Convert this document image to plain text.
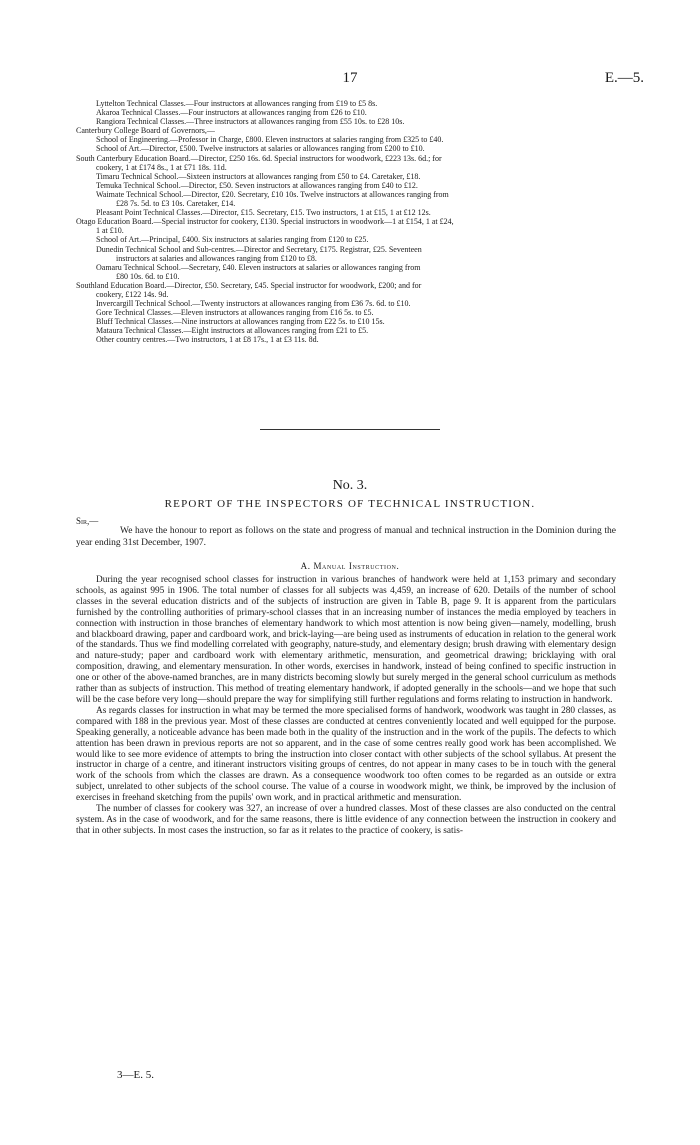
17	E.—5.
Lyttelton Technical Classes.—Four instructors at allowances ranging from £19 to £5 8s.
Akaroa Technical Classes.—Four instructors at allowances ranging from £26 to £10.
Rangiora Technical Classes.—Three instructors at allowances ranging from £55 10s. to £28 10s.
Canterbury College Board of Governors,—
School of Engineering.—Professor in Charge, £800. Eleven instructors at salaries ranging from £325 to £40.
School of Art.—Director, £500. Twelve instructors at salaries or allowances ranging from £200 to £10.
South Canterbury Education Board.—Director, £250 16s. 6d. Special instructors for woodwork, £223 13s. 6d.; for
cookery, 1 at £174 8s., 1 at £71 18s. 11d.
Timaru Technical School.—Sixteen instructors at allowances ranging from £50 to £4. Caretaker, £18.
Temuka Technical School.—Director, £50. Seven instructors at allowances ranging from £40 to £12.
Waimate Technical School.—Director, £20. Secretary, £10 10s. Twelve instructors at allowances ranging from
£28 7s. 5d. to £3 10s. Caretaker, £14.
Pleasant Point Technical Classes.—Director, £15. Secretary, £15. Two instructors, 1 at £15, 1 at £12 12s.
Otago Education Board.—Special instructor for cookery, £130. Special instructors in woodwork—1 at £154, 1 at £24,
1 at £10.
School of Art.—Principal, £400. Six instructors at salaries ranging from £120 to £25.
Dunedin Technical School and Sub-centres.—Director and Secretary, £175. Registrar, £25. Seventeen
instructors at salaries and allowances ranging from £120 to £8.
Oamaru Technical School.—Secretary, £40. Eleven instructors at salaries or allowances ranging from
£80 10s. 6d. to £10.
Southland Education Board.—Director, £50. Secretary, £45. Special instructor for woodwork, £200; and for
cookery, £122 14s. 9d.
Invercargill Technical School.—Twenty instructors at allowances ranging from £36 7s. 6d. to £10.
Gore Technical Classes.—Eleven instructors at allowances ranging from £16 5s. to £5.
Bluff Technical Classes.—Nine instructors at allowances ranging from £22 5s. to £10 15s.
Mataura Technical Classes.—Eight instructors at allowances ranging from £21 to £5.
Other country centres.—Two instructors, 1 at £8 17s., 1 at £3 11s. 8d.
No. 3.
REPORT OF THE INSPECTORS OF TECHNICAL INSTRUCTION.
Sir,—

We have the honour to report as follows on the state and progress of manual and technical instruction in the Dominion during the year ending 31st December, 1907.

A. Manual Instruction.

During the year recognised school classes for instruction in various branches of handwork were held at 1,153 primary and secondary schools, as against 995 in 1906. The total number of classes for all subjects was 4,459, an increase of 620. Details of the number of school classes in the several education districts and of the subjects of instruction are given in Table B, page 9. It is apparent from the particulars furnished by the controlling authorities of primary-school classes that in an increasing number of instances the media employed by teachers in connection with instruction in those branches of elementary handwork to which most attention is now being given—namely, modelling, brush and blackboard drawing, paper and cardboard work, and brick-laying—are being used as instruments of education in relation to the general work of the standards. Thus we find modelling correlated with geography, nature-study, and elementary design; brush drawing with elementary design and nature-study; paper and cardboard work with elementary arithmetic, mensuration, and geometrical drawing; bricklaying with oral composition, drawing, and elementary mensuration. In other words, exercises in handwork, instead of being confined to specific instruction in one or other of the above-named branches, are in many districts becoming slowly but surely merged in the general school curriculum as methods rather than as subjects of instruction. This method of treating elementary handwork, if adopted generally in the schools—and we hope that such will be the case before very long—should prepare the way for simplifying still further regulations and forms relating to instruction in handwork.

As regards classes for instruction in what may be termed the more specialised forms of handwork, woodwork was taught in 280 classes, as compared with 188 in the previous year. Most of these classes are conducted at centres conveniently located and well equipped for the purpose. Speaking generally, a noticeable advance has been made both in the quality of the instruction and in the work of the pupils. The defects to which attention has been drawn in previous reports are not so apparent, and in the case of some centres really good work has been accomplished. We would like to see more evidence of attempts to bring the instruction into closer contact with other subjects of the school syllabus. At present the instructor in charge of a centre, and itinerant instructors visiting groups of centres, do not appear in many cases to be in touch with the general work of the schools from which the classes are drawn. As a consequence woodwork too often comes to be regarded as an outside or extra subject, unrelated to other subjects of the school course. The value of a course in woodwork might, we think, be improved by the inclusion of exercises in freehand sketching from the pupils' own work, and in practical arithmetic and mensuration.

The number of classes for cookery was 327, an increase of over a hundred classes. Most of these classes are also conducted on the central system. As in the case of woodwork, and for the same reasons, there is little evidence of any connection between the instruction in cookery and that in other subjects. In most cases the instruction, so far as it relates to the practice of cookery, is satis-

3—E. 5.
